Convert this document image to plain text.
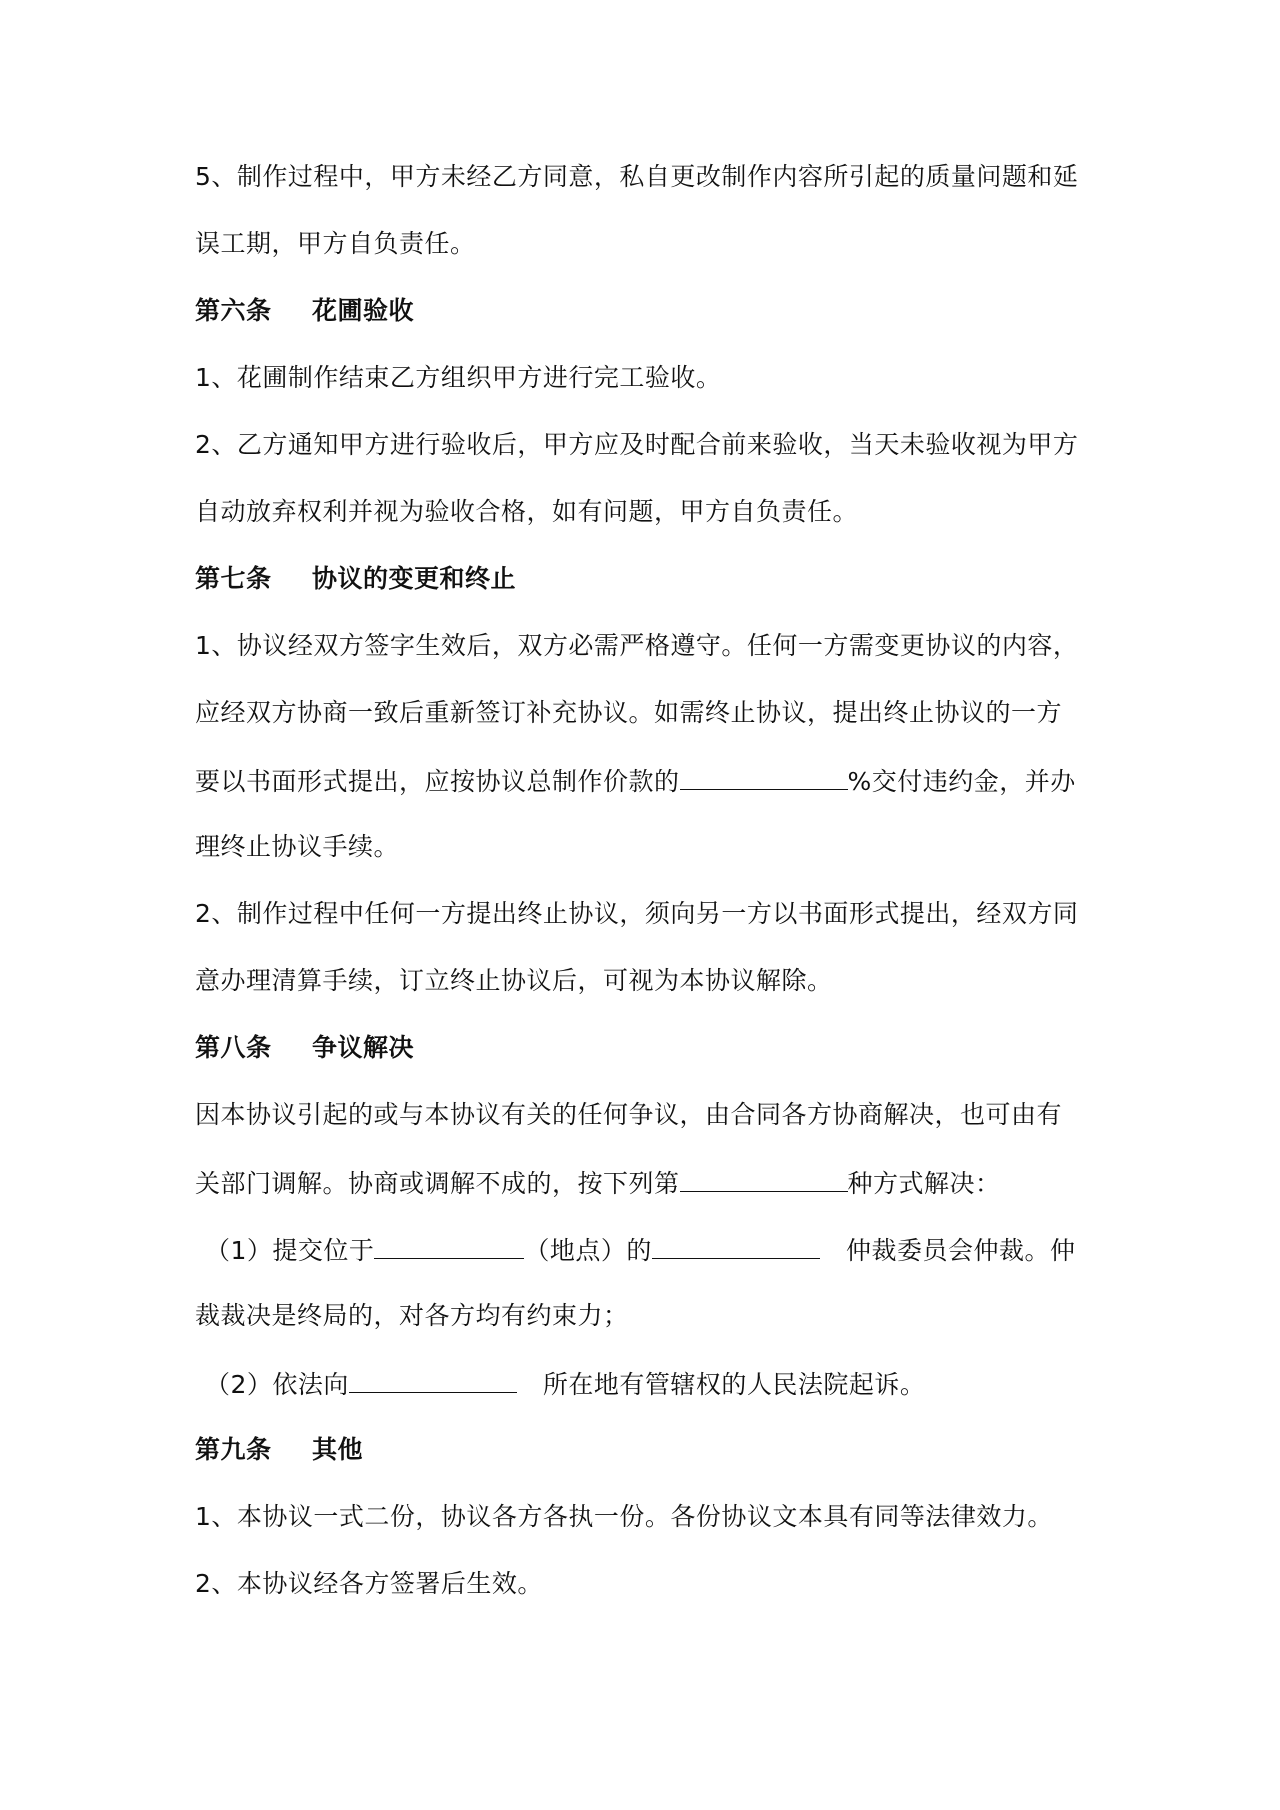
5、制作过程中，甲方未经乙方同意，私自更改制作内容所引起的质量问题和延
误工期，甲方自负责任。
第六条 花圃验收
1、花圃制作结束乙方组织甲方进行完工验收。
2、乙方通知甲方进行验收后，甲方应及时配合前来验收，当天未验收视为甲方
自动放弃权利并视为验收合格，如有问题，甲方自负责任。
第七条 协议的变更和终止
1、协议经双方签字生效后，双方必需严格遵守。任何一方需变更协议的内容，
应经双方协商一致后重新签订补充协议。如需终止协议，提出终止协议的一方
要以书面形式提出，应按协议总制作价款的	%交付违约金，并办
理终止协议手续。
2、制作过程中任何一方提出终止协议，须向另一方以书面形式提出，经双方同
意办理清算手续，订立终止协议后，可视为本协议解除。
第八条 争议解决
因本协议引起的或与本协议有关的任何争议，由合同各方协商解决，也可由有
关部门调解。协商或调解不成的，按下列第	种方式解决：
（1）提交位于	（地点）的	仲裁委员会仲裁。仲
裁裁决是终局的，对各方均有约束力；
（2）依法向	所在地有管辖权的人民法院起诉。
第九条 其他
1、本协议一式二份，协议各方各执一份。各份协议文本具有同等法律效力。
2、本协议经各方签署后生效。
